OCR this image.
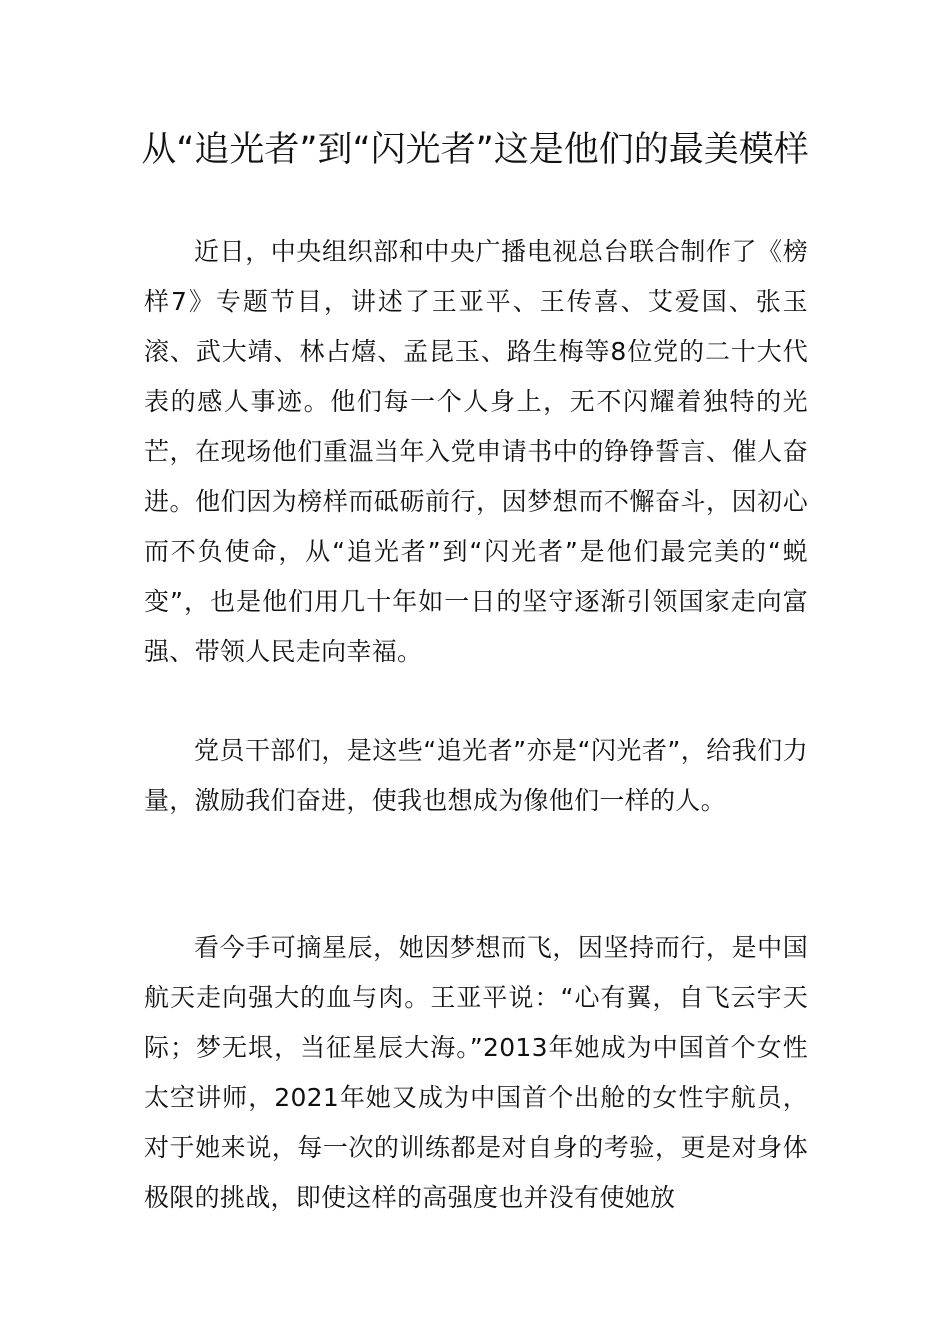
从“追光者”到“闪光者”这是他们的最美模样

近日，中央组织部和中央广播电视总台联合制作了《榜样7》专题节目，讲述了王亚平、王传喜、艾爱国、张玉滚、武大靖、林占熺、孟昆玉、路生梅等8位党的二十大代表的感人事迹。他们每一个人身上，无不闪耀着独特的光芒，在现场他们重温当年入党申请书中的铮铮誓言、催人奋进。他们因为榜样而砥砺前行，因梦想而不懈奋斗，因初心而不负使命，从“追光者”到“闪光者”是他们最完美的“蜕变”，也是他们用几十年如一日的坚守逐渐引领国家走向富强、带领人民走向幸福。

党员干部们，是这些“追光者”亦是“闪光者”，给我们力量，激励我们奋进，使我也想成为像他们一样的人。

看今手可摘星辰，她因梦想而飞，因坚持而行，是中国航天走向强大的血与肉。王亚平说：“心有翼，自飞云宇天际；梦无垠，当征星辰大海。”2013年她成为中国首个女性太空讲师，2021年她又成为中国首个出舱的女性宇航员，对于她来说，每一次的训练都是对自身的考验，更是对身体极限的挑战，即使这样的高强度也并没有使她放
